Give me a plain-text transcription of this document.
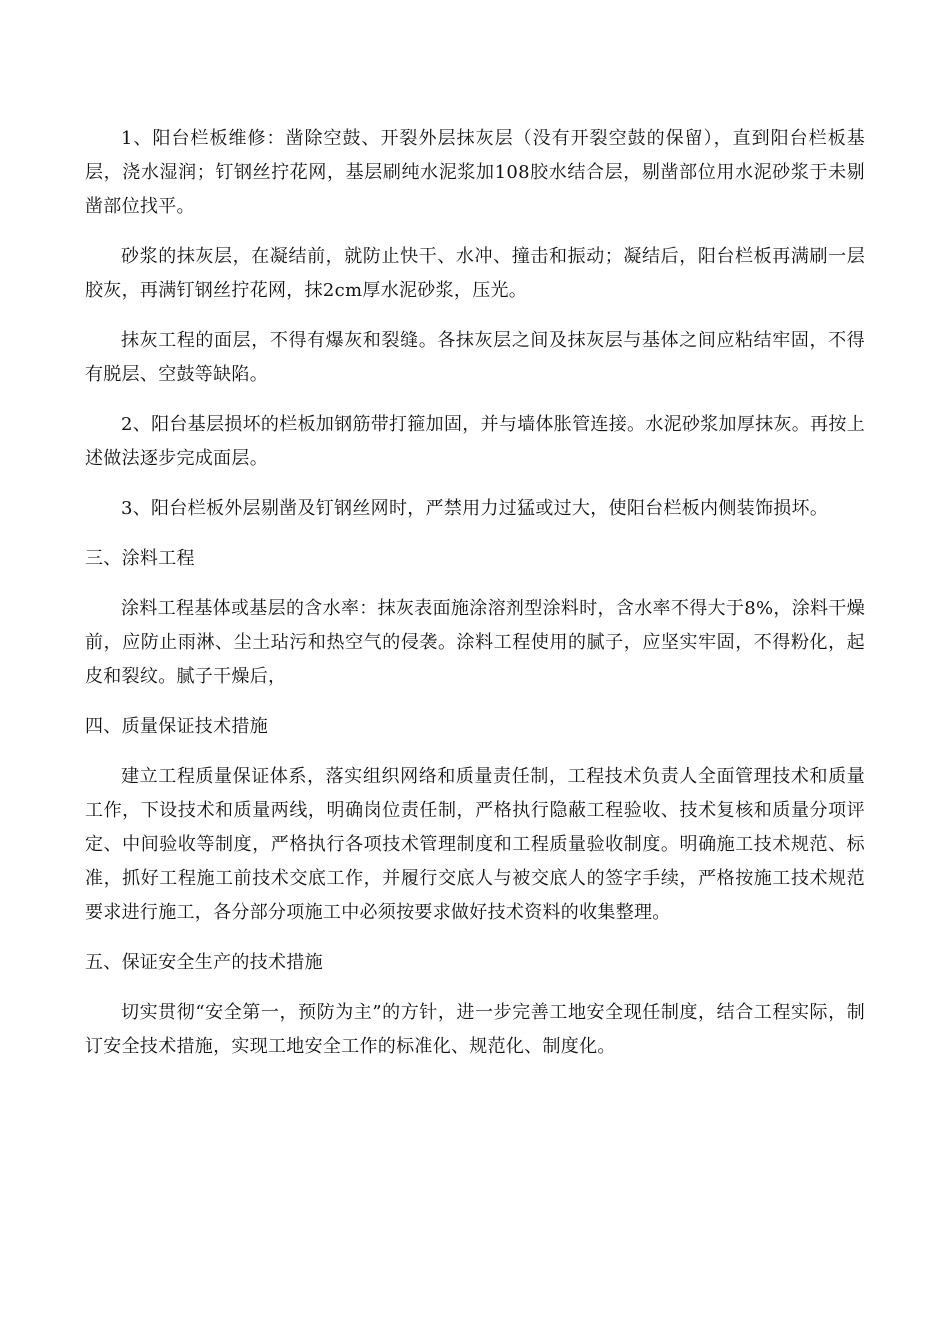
1、阳台栏板维修：凿除空鼓、开裂外层抹灰层（没有开裂空鼓的保留），直到阳台栏板基层，浇水湿润；钉钢丝拧花网，基层刷纯水泥浆加108胶水结合层，剔凿部位用水泥砂浆于未剔凿部位找平。

砂浆的抹灰层，在凝结前，就防止快干、水冲、撞击和振动；凝结后，阳台栏板再满刷一层胶灰，再满钉钢丝拧花网，抹2cm厚水泥砂浆，压光。

抹灰工程的面层，不得有爆灰和裂缝。各抹灰层之间及抹灰层与基体之间应粘结牢固，不得有脱层、空鼓等缺陷。

2、阳台基层损坏的栏板加钢筋带打箍加固，并与墙体胀管连接。水泥砂浆加厚抹灰。再按上述做法逐步完成面层。

3、阳台栏板外层剔凿及钉钢丝网时，严禁用力过猛或过大，使阳台栏板内侧装饰损坏。

三、涂料工程

涂料工程基体或基层的含水率：抹灰表面施涂溶剂型涂料时，含水率不得大于8%，涂料干燥前，应防止雨淋、尘土玷污和热空气的侵袭。涂料工程使用的腻子，应坚实牢固，不得粉化，起皮和裂纹。腻子干燥后，

四、质量保证技术措施

建立工程质量保证体系，落实组织网络和质量责任制，工程技术负责人全面管理技术和质量工作，下设技术和质量两线，明确岗位责任制，严格执行隐蔽工程验收、技术复核和质量分项评定、中间验收等制度，严格执行各项技术管理制度和工程质量验收制度。明确施工技术规范、标准，抓好工程施工前技术交底工作，并履行交底人与被交底人的签字手续，严格按施工技术规范要求进行施工，各分部分项施工中必须按要求做好技术资料的收集整理。

五、保证安全生产的技术措施

切实贯彻“安全第一，预防为主”的方针，进一步完善工地安全现任制度，结合工程实际，制订安全技术措施，实现工地安全工作的标准化、规范化、制度化。
